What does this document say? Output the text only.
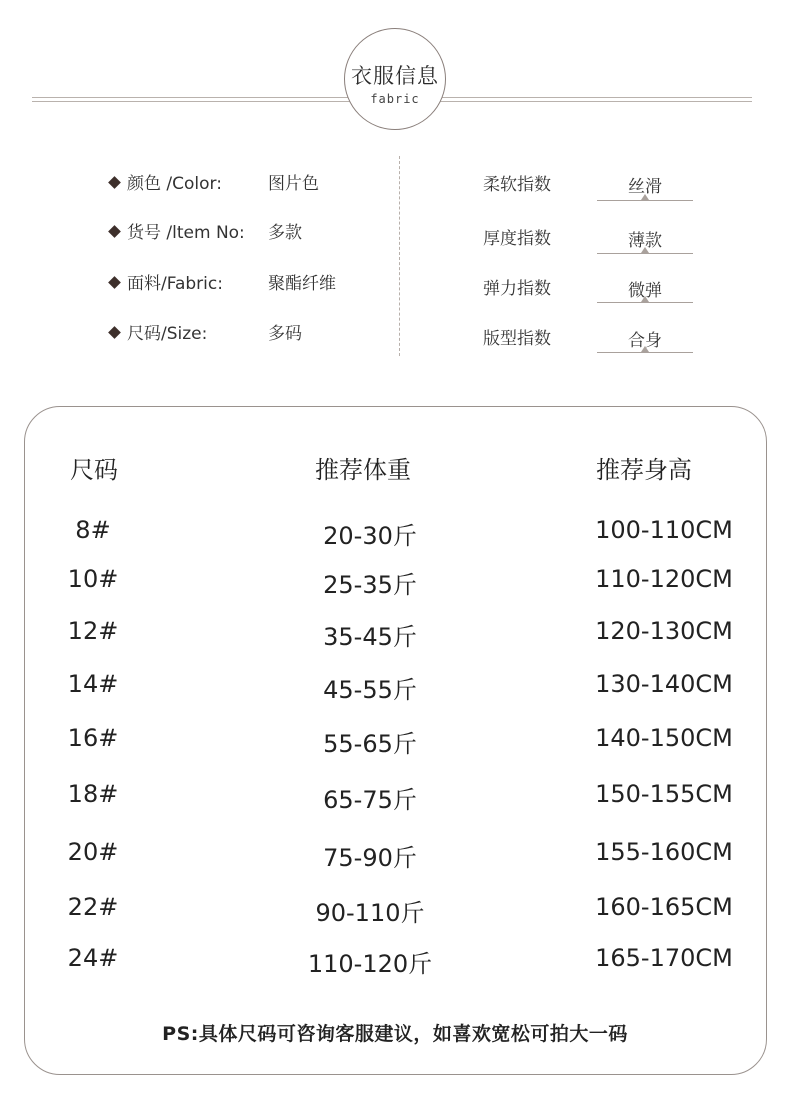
衣服信息
fabric
颜色 /Color:	图片色
货号 /ltem No: 多款
面料/Fabric:	聚酯纤维
尺码/Size:	多码
柔软指数	丝滑
厚度指数	薄款
弹力指数	微弹
版型指数	合身
尺码	推荐体重	推荐身高
8#	20-30斤	100-110CM
10#	25-35斤	110-120CM
12#	35-45斤	120-130CM
14#	45-55斤	130-140CM
16#	55-65斤	140-150CM
18#	65-75斤	150-155CM
20#	75-90斤	155-160CM
22#	90-110斤	160-165CM
24#	110-120斤	165-170CM
PS:具体尺码可咨询客服建议，如喜欢宽松可拍大一码
